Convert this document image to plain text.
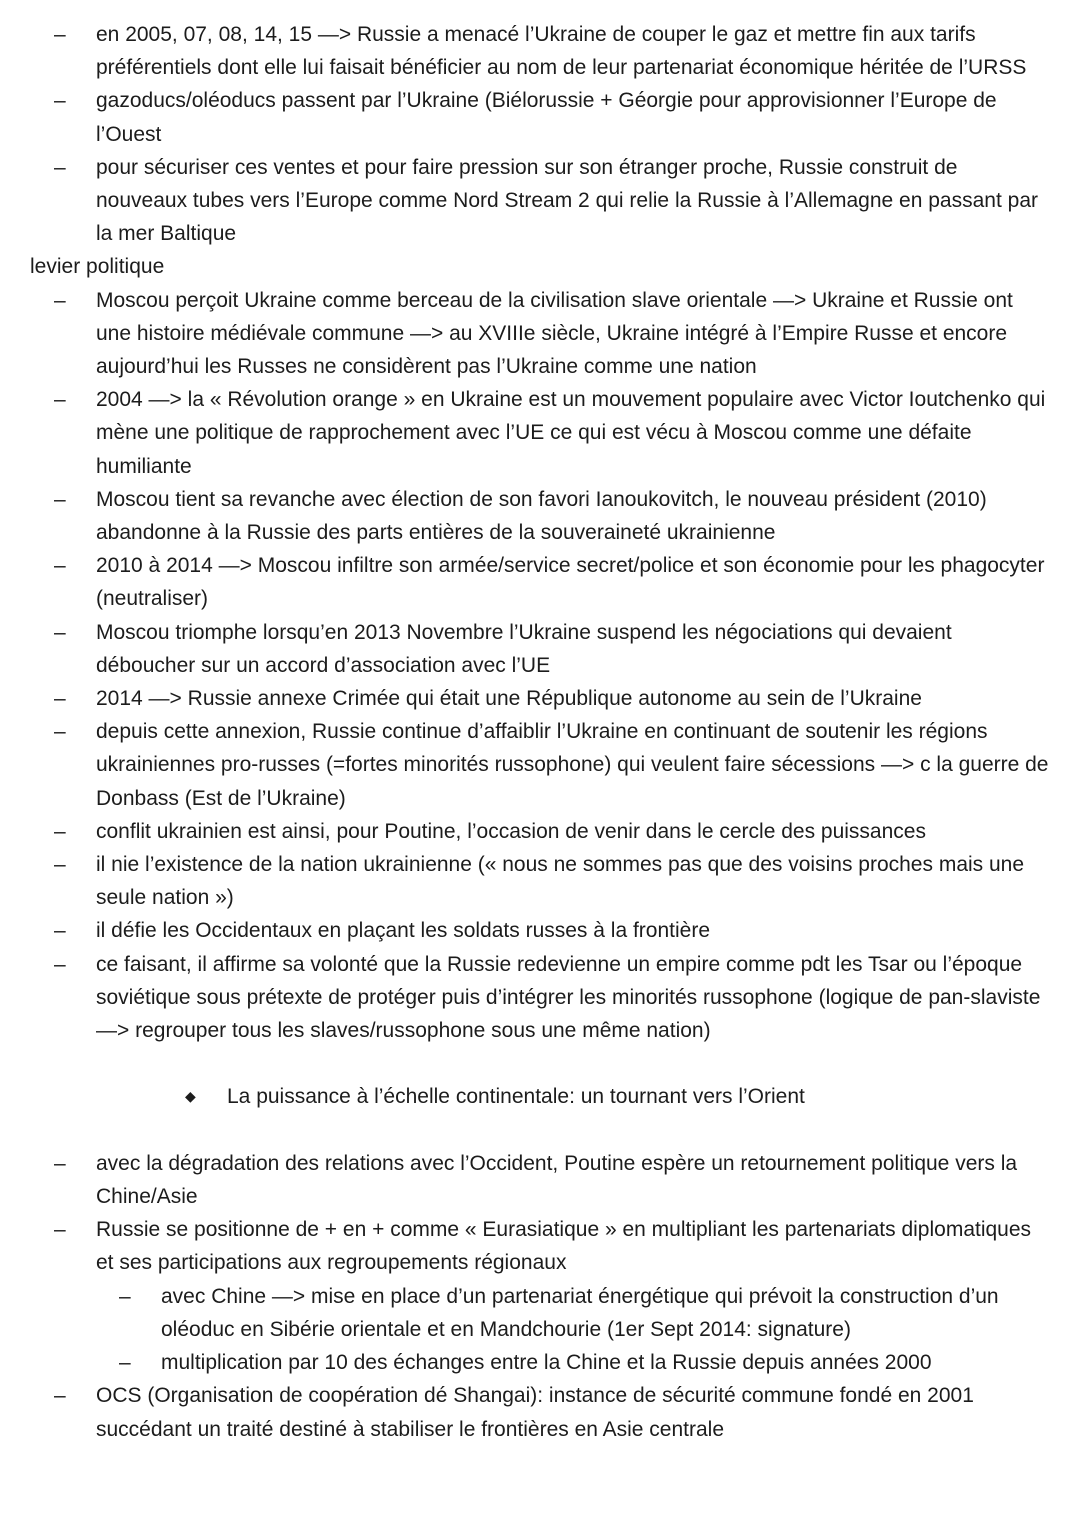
– en 2005, 07, 08, 14, 15 —> Russie a menacé l’Ukraine de couper le gaz et mettre fin aux tarifs préférentiels dont elle lui faisait bénéficier au nom de leur partenariat économique héritée de l’URSS

– gazoducs/oléoducs passent par l’Ukraine (Biélorussie + Géorgie pour approvisionner l’Europe de l’Ouest

– pour sécuriser ces ventes et pour faire pression sur son étranger proche, Russie construit de nouveaux tubes vers l’Europe comme Nord Stream 2 qui relie la Russie à l’Allemagne en passant par la mer Baltique

levier politique

– Moscou perçoit Ukraine comme berceau de la civilisation slave orientale —> Ukraine et Russie ont une histoire médiévale commune —> au XVIIIe siècle, Ukraine intégré à l’Empire Russe et encore aujourd’hui les Russes ne considèrent pas l’Ukraine comme une nation

– 2004 —> la « Révolution orange » en Ukraine est un mouvement populaire avec Victor Ioutchenko qui mène une politique de rapprochement avec l’UE ce qui est vécu à Moscou comme une défaite humiliante

– Moscou tient sa revanche avec élection de son favori Ianoukovitch, le nouveau président (2010) abandonne à la Russie des parts entières de la souveraineté ukrainienne

– 2010 à 2014 —> Moscou infiltre son armée/service secret/police et son économie pour les phagocyter (neutraliser)

– Moscou triomphe lorsqu’en 2013 Novembre l’Ukraine suspend les négociations qui devaient déboucher sur un accord d’association avec l’UE

– 2014 —> Russie annexe Crimée qui était une République autonome au sein de l’Ukraine

– depuis cette annexion, Russie continue d’affaiblir l’Ukraine en continuant de soutenir les régions ukrainiennes pro-russes (=fortes minorités russophone) qui veulent faire sécessions —> c la guerre de Donbass (Est de l’Ukraine)

– conflit ukrainien est ainsi, pour Poutine, l’occasion de venir dans le cercle des puissances

– il nie l’existence de la nation ukrainienne (« nous ne sommes pas que des voisins proches mais une seule nation »)

– il défie les Occidentaux en plaçant les soldats russes à la frontière

– ce faisant, il affirme sa volonté que la Russie redevienne un empire comme pdt les Tsar ou l’époque soviétique sous prétexte de protéger puis d’intégrer les minorités russophone (logique de pan-slaviste —> regrouper tous les slaves/russophone sous une même nation)

◆ La puissance à l’échelle continentale: un tournant vers l’Orient

– avec la dégradation des relations avec l’Occident, Poutine espère un retournement politique vers la Chine/Asie

– Russie se positionne de + en + comme « Eurasiatique » en multipliant les partenariats diplomatiques et ses participations aux regroupements régionaux

– avec Chine —> mise en place d’un partenariat énergétique qui prévoit la construction d’un oléoduc en Sibérie orientale et en Mandchourie (1er Sept 2014: signature)

– multiplication par 10 des échanges entre la Chine et la Russie depuis années 2000

– OCS (Organisation de coopération dé Shangai): instance de sécurité commune fondé en 2001 succédant un traité destiné à stabiliser le frontières en Asie centrale
